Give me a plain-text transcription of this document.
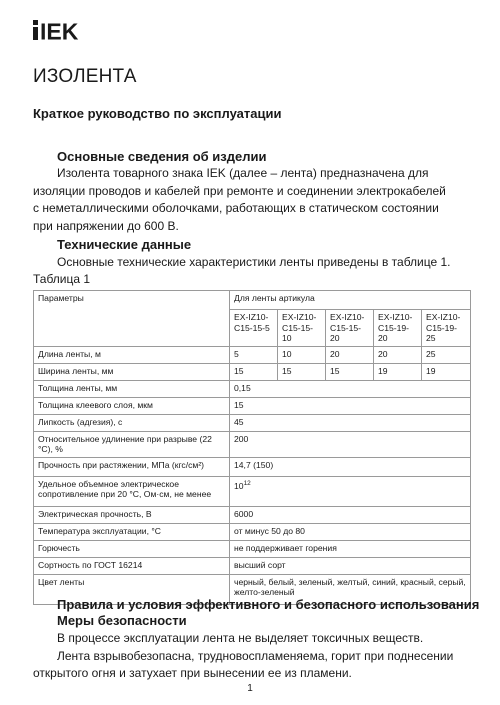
IEK
ИЗОЛЕНТА
Краткое руководство по эксплуатации
Основные сведения об изделии
Изолента товарного знака IEK (далее – лента) предназначена для
изоляции проводов и кабелей при ремонте и соединении электрокабелей
с неметаллическими оболочками, работающих в статическом состоянии
при напряжении до 600 В.
Технические данные
Основные технические характеристики ленты приведены в таблице 1.
Таблица 1
Параметры	Для ленты артикула				
	EX-IZ10-C15-15-5	EX-IZ10-C15-15-10	EX-IZ10-C15-15-20	EX-IZ10-C15-19-20	EX-IZ10-C15-19-25
Длина ленты, м	5	10	20	20	25
Ширина ленты, мм	15	15	15	19	19
Толщина ленты, мм	0,15				
Толщина клеевого слоя, мкм	15				
Липкость (адгезия), с	45				
Относительное удлинение при разрыве (22 °С), %	200				
Прочность при растяжении, МПа (кгс/см²)	14,7 (150)				
Удельное объемное электрическое сопротивление при 20 °С, Ом·см, не менее	$10^{12}$
Электрическая прочность, В	6000				
Температура эксплуатации, °С	от минус 50 до 80				
Горючесть	не поддерживает горения				
Сортность по ГОСТ 16214	высший сорт				
Цвет ленты	черный, белый, зеленый, желтый, синий, красный, серый, желто-зеленый				
Правила и условия эффективного и безопасного использования
Меры безопасности
В процессе эксплуатации лента не выделяет токсичных веществ.
Лента взрывобезопасна, трудновоспламеняема, горит при поднесении
открытого огня и затухает при вынесении ее из пламени.
1
